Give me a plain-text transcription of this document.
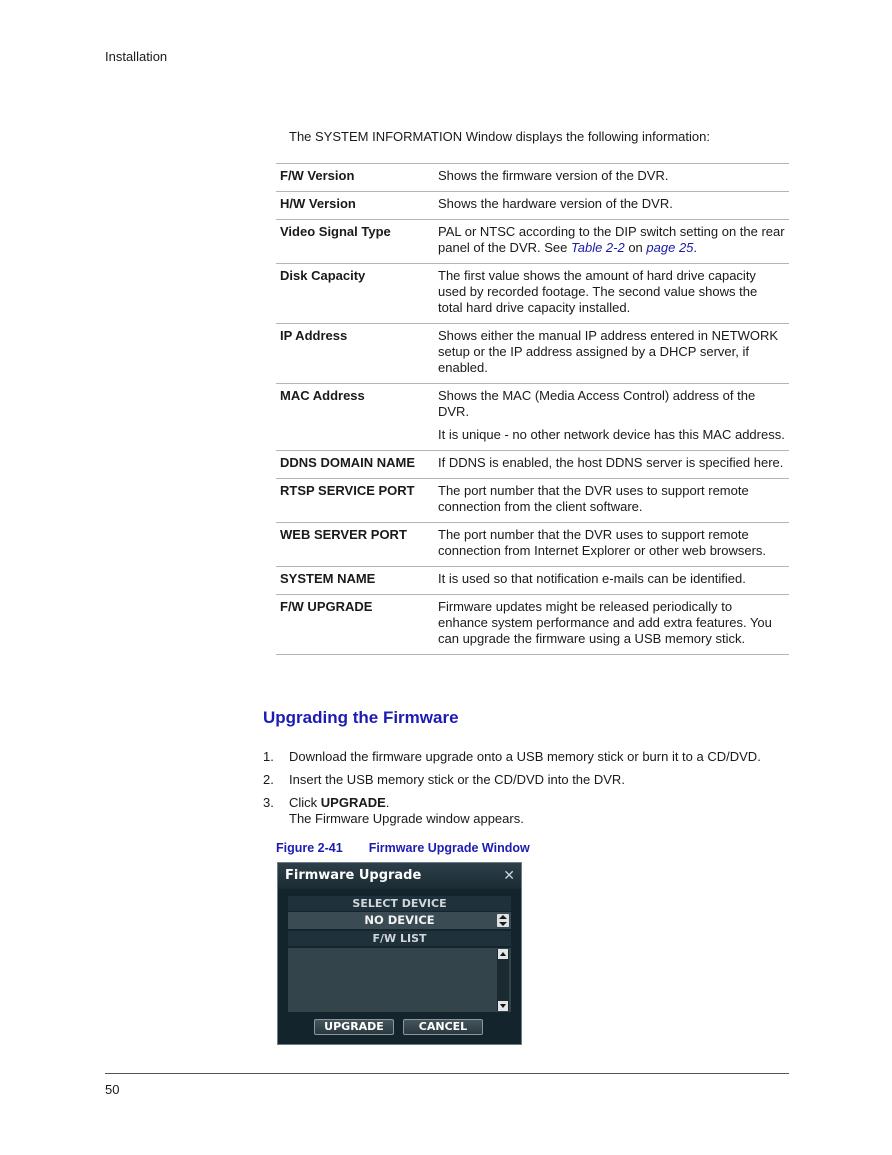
Installation
The SYSTEM INFORMATION Window displays the following information:
F/W Version	Shows the firmware version of the DVR.

H/W Version	Shows the hardware version of the DVR.

Video Signal Type	PAL or NTSC according to the DIP switch setting on the rear panel of the DVR. See Table 2-2 on page 25.

Disk Capacity	The first value shows the amount of hard drive capacity used by recorded footage. The second value shows the total hard drive capacity installed.

IP Address	Shows either the manual IP address entered in NETWORK setup or the IP address assigned by a DHCP server, if enabled.

MAC Address	Shows the MAC (Media Access Control) address of the DVR.

It is unique - no other network device has this MAC address.

DDNS DOMAIN NAME	If DDNS is enabled, the host DDNS server is specified here.

RTSP SERVICE PORT	The port number that the DVR uses to support remote connection from the client software.

WEB SERVER PORT	The port number that the DVR uses to support remote connection from Internet Explorer or other web browsers.

SYSTEM NAME	It is used so that notification e-mails can be identified.

F/W UPGRADE	Firmware updates might be released periodically to enhance system performance and add extra features. You can upgrade the firmware using a USB memory stick.

Upgrading the Firmware
1. Download the firmware upgrade onto a USB memory stick or burn it to a CD/DVD.
2. Insert the USB memory stick or the CD/DVD into the DVR.
3. Click UPGRADE.
The Firmware Upgrade window appears.
Figure 2-41 Firmware Upgrade Window
Firmware Upgrade	✕
SELECT DEVICE
NO DEVICE
F/W LIST
UPGRADE	CANCEL
50
